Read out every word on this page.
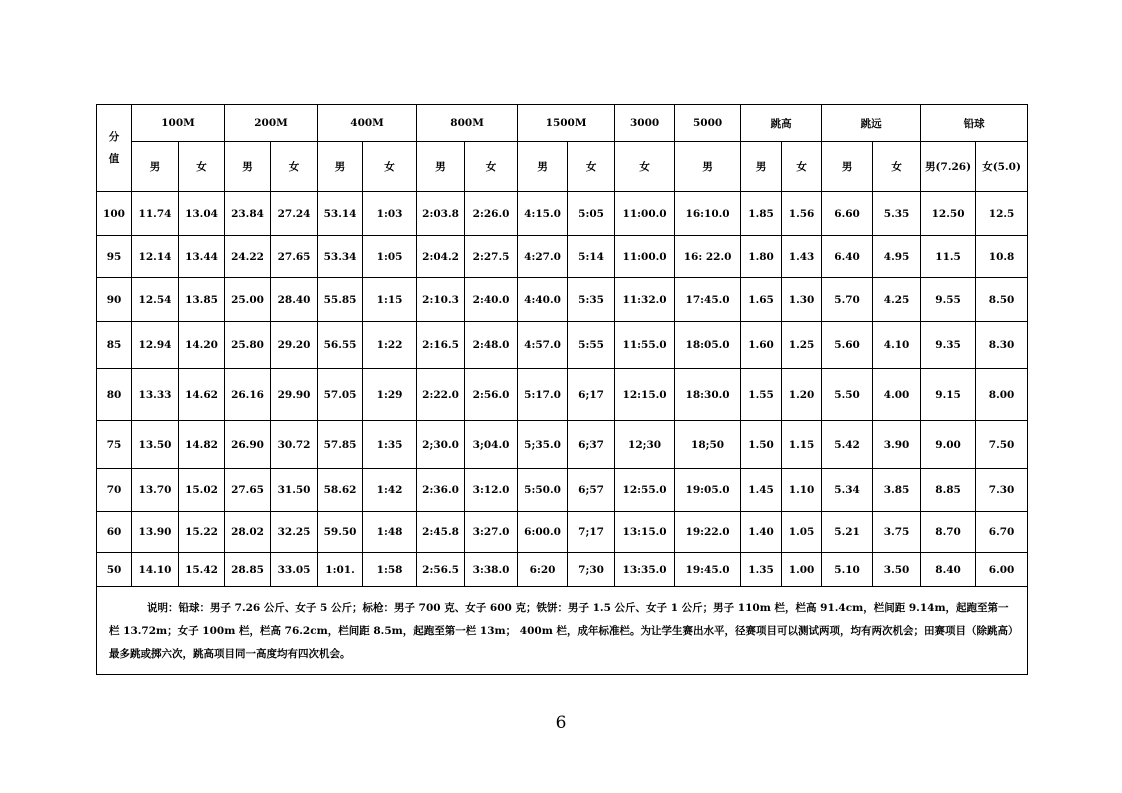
分
值	100M		200M		400M		800M		1500M		3000	5000	跳高		跳远		铅球	
	男	女	男	女	男	女	男	女	男	女	女	男	男	女	男	女	男(7.26)	女(5.0)
100	11.74	13.04	23.84	27.24	53.14	1:03	2:03.8	2:26.0	4:15.0	5:05	11:00.0	16:10.0	1.85	1.56	6.60	5.35	12.50	12.5
95	12.14	13.44	24.22	27.65	53.34	1:05	2:04.2	2:27.5	4:27.0	5:14	11:00.0	16: 22.0	1.80	1.43	6.40	4.95	11.5	10.8
90	12.54	13.85	25.00	28.40	55.85	1:15	2:10.3	2:40.0	4:40.0	5:35	11:32.0	17:45.0	1.65	1.30	5.70	4.25	9.55	8.50
85	12.94	14.20	25.80	29.20	56.55	1:22	2:16.5	2:48.0	4:57.0	5:55	11:55.0	18:05.0	1.60	1.25	5.60	4.10	9.35	8.30
80	13.33	14.62	26.16	29.90	57.05	1:29	2:22.0	2:56.0	5:17.0	6;17	12:15.0	18:30.0	1.55	1.20	5.50	4.00	9.15	8.00
75	13.50	14.82	26.90	30.72	57.85	1:35	2;30.0	3;04.0	5;35.0	6;37	12;30	18;50	1.50	1.15	5.42	3.90	9.00	7.50
70	13.70	15.02	27.65	31.50	58.62	1:42	2:36.0	3:12.0	5:50.0	6;57	12:55.0	19:05.0	1.45	1.10	5.34	3.85	8.85	7.30
60	13.90	15.22	28.02	32.25	59.50	1:48	2:45.8	3:27.0	6:00.0	7;17	13:15.0	19:22.0	1.40	1.05	5.21	3.75	8.70	6.70
50	14.10	15.42	28.85	33.05	1:01.	1:58	2:56.5	3:38.0	6:20	7;30	13:35.0	19:45.0	1.35	1.00	5.10	3.50	8.40	6.00

说明：铅球：男子 7.26 公斤、女子 5 公斤；标枪：男子 700 克、女子 600 克；铁饼：男子 1.5 公斤、女子 1 公斤；男子 110m 栏，栏高 91.4cm，栏间距 9.14m，起跑至第一栏 13.72m；女子 100m 栏，栏高 76.2cm，栏间距 8.5m，起跑至第一栏 13m； 400m 栏，成年标准栏。为让学生赛出水平，径赛项目可以测试两项，均有两次机会；田赛项目（除跳高）最多跳或掷六次，跳高项目同一高度均有四次机会。																		
6
